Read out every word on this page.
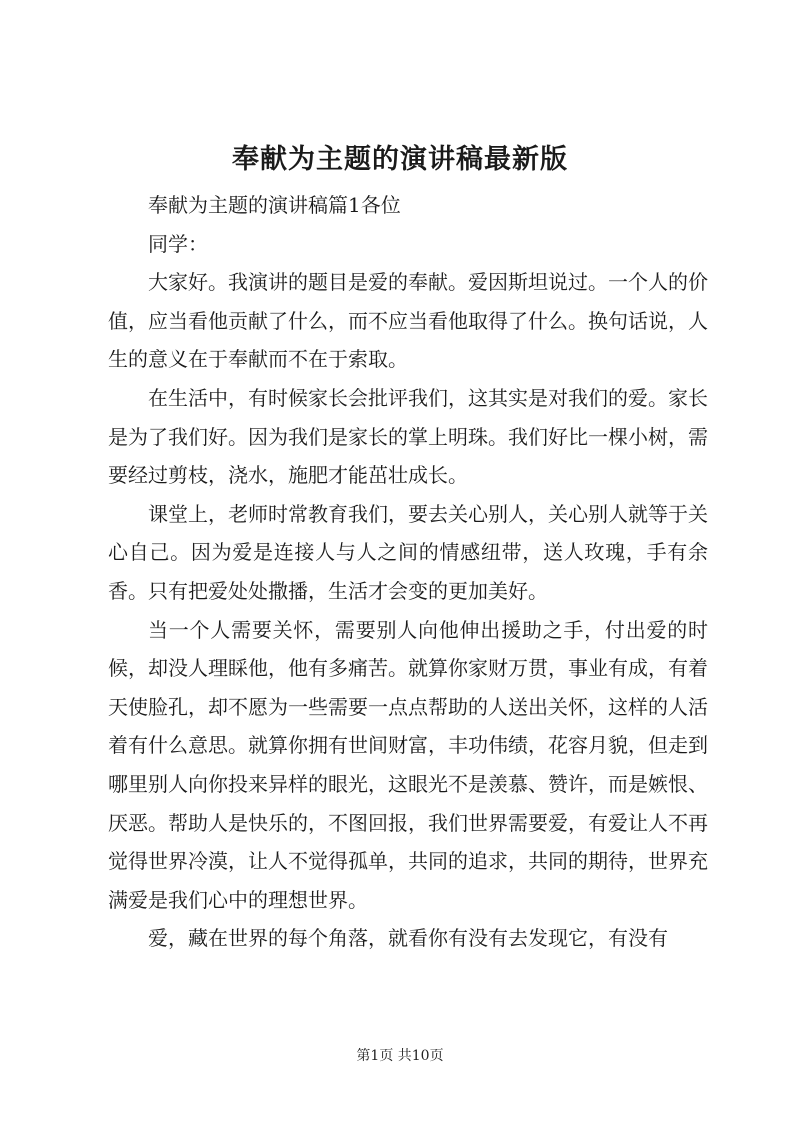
奉献为主题的演讲稿最新版

奉献为主题的演讲稿篇1各位

同学：

大家好。我演讲的题目是爱的奉献。爱因斯坦说过。一个人的价值，应当看他贡献了什么，而不应当看他取得了什么。换句话说，人生的意义在于奉献而不在于索取。

在生活中，有时候家长会批评我们，这其实是对我们的爱。家长是为了我们好。因为我们是家长的掌上明珠。我们好比一棵小树，需要经过剪枝，浇水，施肥才能茁壮成长。

课堂上，老师时常教育我们，要去关心别人，关心别人就等于关心自己。因为爱是连接人与人之间的情感纽带，送人玫瑰，手有余香。只有把爱处处撒播，生活才会变的更加美好。

当一个人需要关怀，需要别人向他伸出援助之手，付出爱的时候，却没人理睬他，他有多痛苦。就算你家财万贯，事业有成，有着天使脸孔，却不愿为一些需要一点点帮助的人送出关怀，这样的人活着有什么意思。就算你拥有世间财富，丰功伟绩，花容月貌，但走到哪里别人向你投来异样的眼光，这眼光不是羡慕、赞许，而是嫉恨、厌恶。帮助人是快乐的，不图回报，我们世界需要爱，有爱让人不再觉得世界冷漠，让人不觉得孤单，共同的追求，共同的期待，世界充满爱是我们心中的理想世界。

爱，藏在世界的每个角落，就看你有没有去发现它，有没有

第1页 共10页
